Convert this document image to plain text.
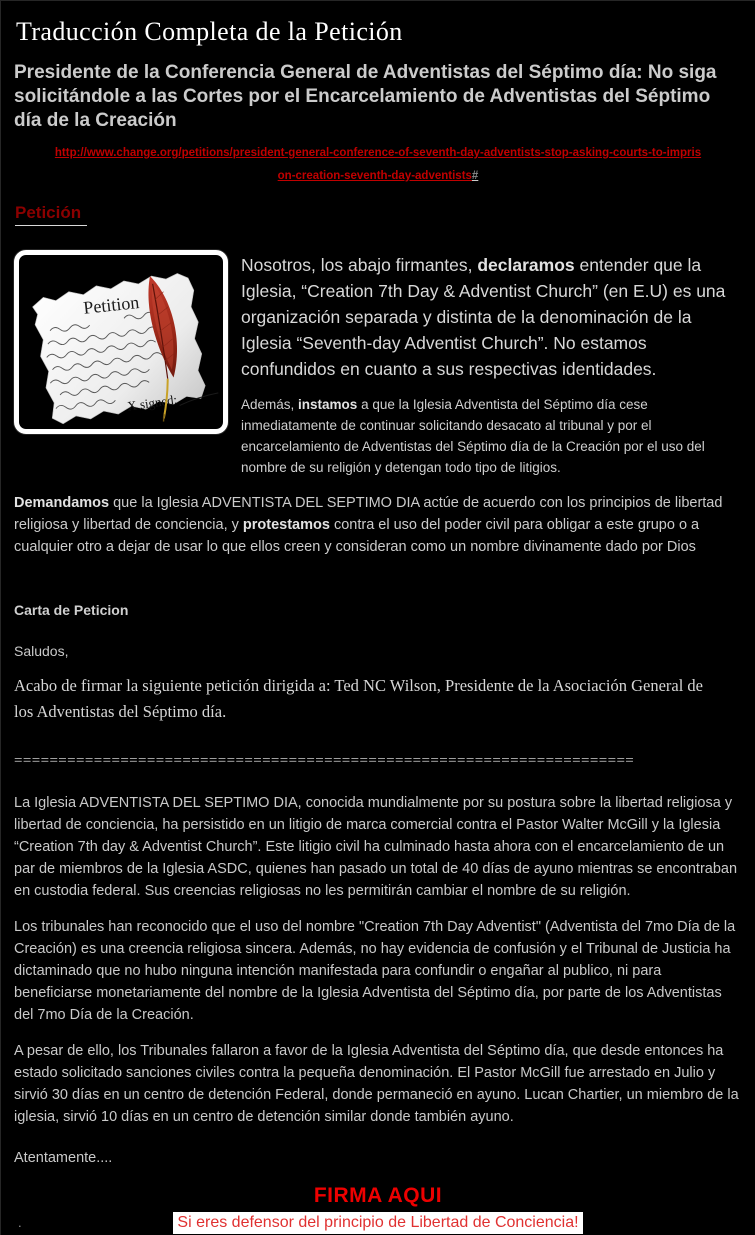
Traducción Completa de la Petición
Presidente de la Conferencia General de Adventistas del Séptimo día: No siga solicitándole a las Cortes por el Encarcelamiento de Adventistas del Séptimo día de la Creación
http://www.change.org/petitions/president-general-conference-of-seventh-day-adventists-stop-asking-courts-to-imprison-creation-seventh-day-adventists#
Petición
Petition
X signed:

Nosotros, los abajo firmantes, declaramos entender que la Iglesia, “Creation 7th Day & Adventist Church” (en E.U) es una organización separada y distinta de la denominación de la Iglesia “Seventh-day Adventist Church”. No estamos confundidos en cuanto a sus respectivas identidades.

Además, instamos a que la Iglesia Adventista del Séptimo día cese inmediatamente de continuar solicitando desacato al tribunal y por el encarcelamiento de Adventistas del Séptimo día de la Creación por el uso del nombre de su religión y detengan todo tipo de litigios.

Demandamos que la Iglesia ADVENTISTA DEL SEPTIMO DIA actúe de acuerdo con los principios de libertad religiosa y libertad de conciencia, y protestamos contra el uso del poder civil para obligar a este grupo o a cualquier otro a dejar de usar lo que ellos creen y consideran como un nombre divinamente dado por Dios

Carta de Peticion

Saludos,

Acabo de firmar la siguiente petición dirigida a: Ted NC Wilson, Presidente de la Asociación General de los Adventistas del Séptimo día.

======================================================================

La Iglesia ADVENTISTA DEL SEPTIMO DIA, conocida mundialmente por su postura sobre la libertad religiosa y libertad de conciencia, ha persistido en un litigio de marca comercial contra el Pastor Walter McGill y la Iglesia “Creation 7th day & Adventist Church”. Este litigio civil ha culminado hasta ahora con el encarcelamiento de un par de miembros de la Iglesia ASDC, quienes han pasado un total de 40 días de ayuno mientras se encontraban en custodia federal. Sus creencias religiosas no les permitirán cambiar el nombre de su religión.

Los tribunales han reconocido que el uso del nombre "Creation 7th Day Adventist" (Adventista del 7mo Día de la Creación) es una creencia religiosa sincera. Además, no hay evidencia de confusión y el Tribunal de Justicia ha dictaminado que no hubo ninguna intención manifestada para confundir o engañar al publico, ni para beneficiarse monetariamente del nombre de la Iglesia Adventista del Séptimo día, por parte de los Adventistas del 7mo Día de la Creación.

A pesar de ello, los Tribunales fallaron a favor de la Iglesia Adventista del Séptimo día, que desde entonces ha estado solicitado sanciones civiles contra la pequeña denominación. El Pastor McGill fue arrestado en Julio y sirvió 30 días en un centro de detención Federal, donde permaneció en ayuno. Lucan Chartier, un miembro de la iglesia, sirvió 10 días en un centro de detención similar donde también ayuno.

Atentamente....

FIRMA AQUI
.	Si eres defensor del principio de Libertad de Conciencia!
